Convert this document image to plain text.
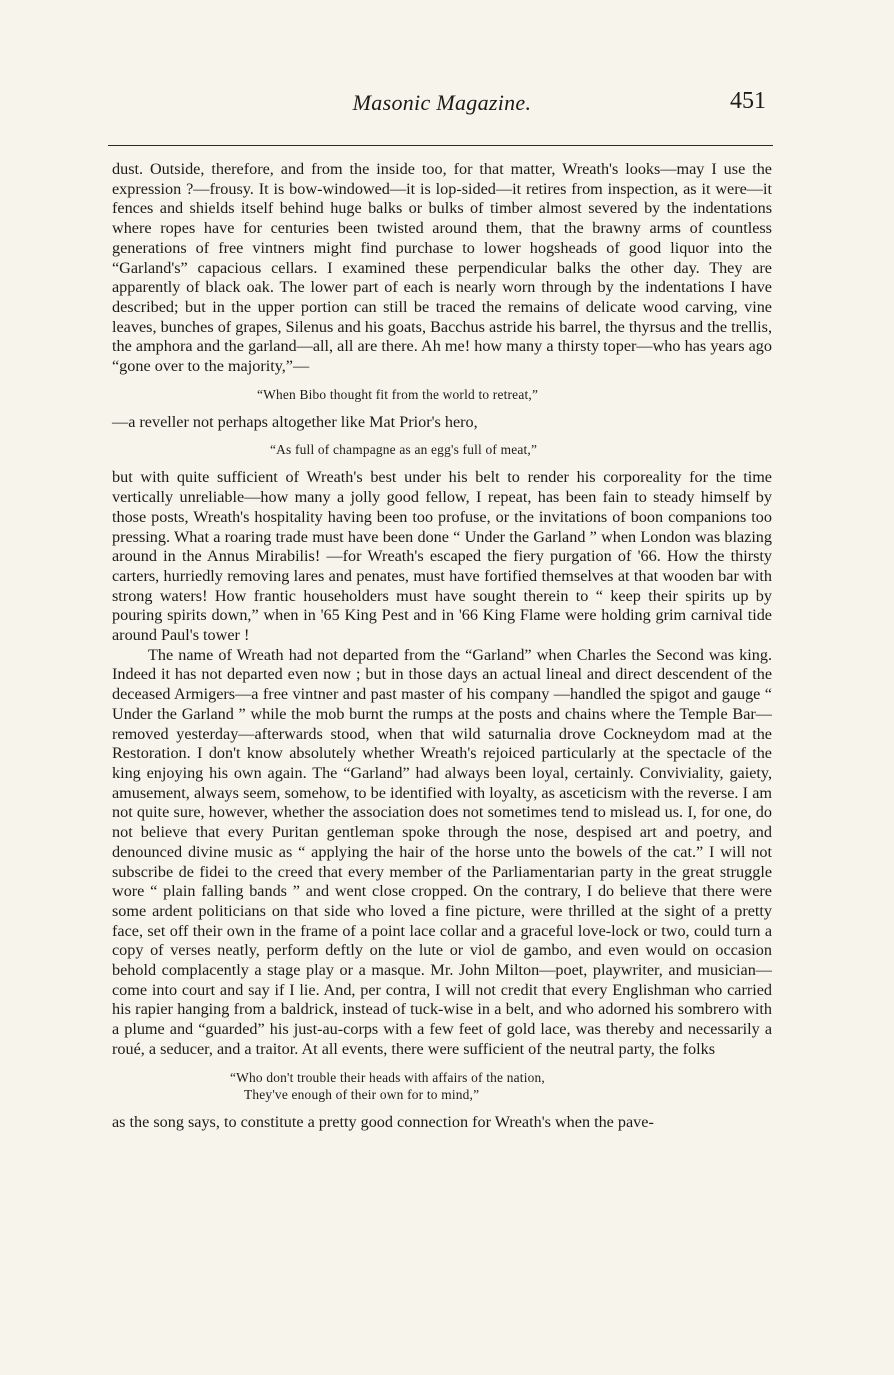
Masonic Magazine.	451

dust. Outside, therefore, and from the inside too, for that matter, Wreath's looks—may I use the expression ?—frousy. It is bow-windowed—it is lop-sided—it retires from inspection, as it were—it fences and shields itself behind huge balks or bulks of timber almost severed by the indentations where ropes have for centuries been twisted around them, that the brawny arms of countless generations of free vintners might find purchase to lower hogsheads of good liquor into the “Garland's” capacious cellars. I examined these perpendicular balks the other day. They are apparently of black oak. The lower part of each is nearly worn through by the indentations I have described; but in the upper portion can still be traced the remains of delicate wood carving, vine leaves, bunches of grapes, Silenus and his goats, Bacchus astride his barrel, the thyrsus and the trellis, the amphora and the garland—all, all are there. Ah me! how many a thirsty toper—who has years ago “gone over to the majority,”—

“When Bibo thought fit from the world to retreat,”

—a reveller not perhaps altogether like Mat Prior's hero,

“As full of champagne as an egg's full of meat,”

but with quite sufficient of Wreath's best under his belt to render his corporeality for the time vertically unreliable—how many a jolly good fellow, I repeat, has been fain to steady himself by those posts, Wreath's hospitality having been too profuse, or the invitations of boon companions too pressing. What a roaring trade must have been done “ Under the Garland ” when London was blazing around in the Annus Mirabilis! —for Wreath's escaped the fiery purgation of '66. How the thirsty carters, hurriedly removing lares and penates, must have fortified themselves at that wooden bar with strong waters! How frantic householders must have sought therein to “ keep their spirits up by pouring spirits down,” when in '65 King Pest and in '66 King Flame were holding grim carnival tide around Paul's tower !

The name of Wreath had not departed from the “Garland” when Charles the Second was king. Indeed it has not departed even now ; but in those days an actual lineal and direct descendent of the deceased Armigers—a free vintner and past master of his company —handled the spigot and gauge “ Under the Garland ” while the mob burnt the rumps at the posts and chains where the Temple Bar—removed yesterday—afterwards stood, when that wild saturnalia drove Cockneydom mad at the Restoration. I don't know absolutely whether Wreath's rejoiced particularly at the spectacle of the king enjoying his own again. The “Garland” had always been loyal, certainly. Conviviality, gaiety, amusement, always seem, somehow, to be identified with loyalty, as asceticism with the reverse. I am not quite sure, however, whether the association does not sometimes tend to mislead us. I, for one, do not believe that every Puritan gentleman spoke through the nose, despised art and poetry, and denounced divine music as “ applying the hair of the horse unto the bowels of the cat.” I will not subscribe de fidei to the creed that every member of the Parliamentarian party in the great struggle wore “ plain falling bands ” and went close cropped. On the contrary, I do believe that there were some ardent politicians on that side who loved a fine picture, were thrilled at the sight of a pretty face, set off their own in the frame of a point lace collar and a graceful love-lock or two, could turn a copy of verses neatly, perform deftly on the lute or viol de gambo, and even would on occasion behold complacently a stage play or a masque. Mr. John Milton—poet, playwriter, and musician—come into court and say if I lie. And, per contra, I will not credit that every Englishman who carried his rapier hanging from a baldrick, instead of tuck-wise in a belt, and who adorned his sombrero with a plume and “guarded” his just-au-corps with a few feet of gold lace, was thereby and necessarily a roué, a seducer, and a traitor. At all events, there were sufficient of the neutral party, the folks

“Who don't trouble their heads with affairs of the nation,
They've enough of their own for to mind,”

as the song says, to constitute a pretty good connection for Wreath's when the pave-
